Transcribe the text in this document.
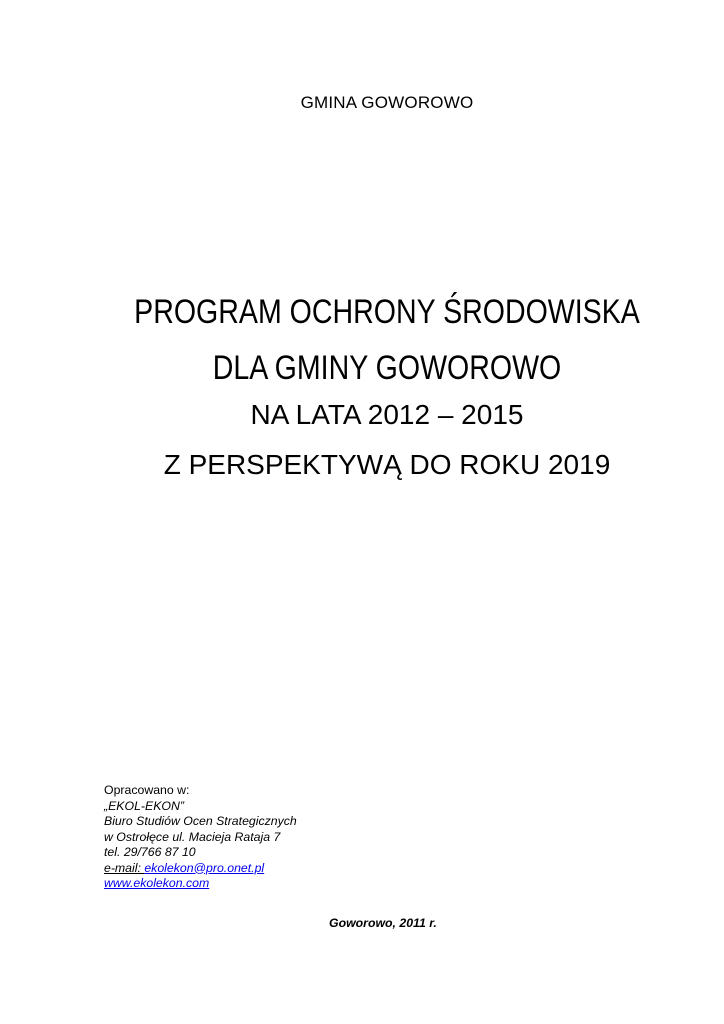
GMINA GOWOROWO
PROGRAM OCHRONY ŚRODOWISKA
DLA GMINY GOWOROWO
NA LATA 2012 – 2015
Z PERSPEKTYWĄ DO ROKU 2019
Opracowano w:
„EKOL-EKON”
Biuro Studiów Ocen Strategicznych
w Ostrołęce ul. Macieja Rataja 7
tel. 29/766 87 10
e-mail: ekolekon@pro.onet.pl
www.ekolekon.com
Goworowo, 2011 r.
